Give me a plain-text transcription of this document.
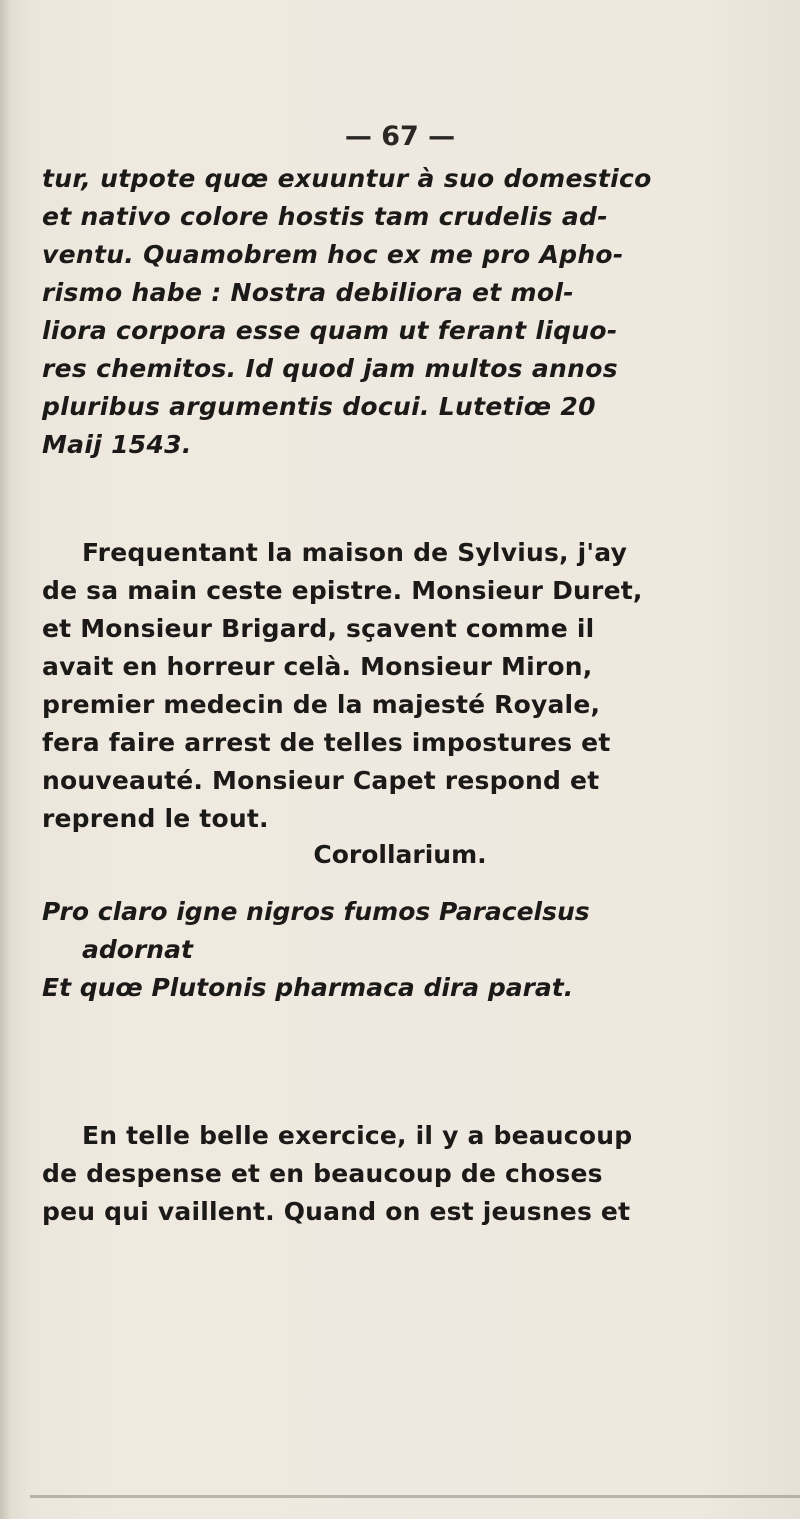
— 67 —
tur, utpote quœ exuuntur à suo domestico
et nativo colore hostis tam crudelis ad-
ventu. Quamobrem hoc ex me pro Apho-
rismo habe : Nostra debiliora et mol-
liora corpora esse quam ut ferant liquo-
res chemitos. Id quod jam multos annos
pluribus argumentis docui. Lutetiœ 20
Maij 1543.
Frequentant la maison de Sylvius, j'ay
de sa main ceste epistre. Monsieur Duret,
et Monsieur Brigard, sçavent comme il
avait en horreur celà. Monsieur Miron,
premier medecin de la majesté Royale,
fera faire arrest de telles impostures et
nouveauté. Monsieur Capet respond et
reprend le tout.
Corollarium.
Pro claro igne nigros fumos Paracelsus
adornat
Et quœ Plutonis pharmaca dira parat.
En telle belle exercice, il y a beaucoup
de despense et en beaucoup de choses
peu qui vaillent. Quand on est jeusnes et
